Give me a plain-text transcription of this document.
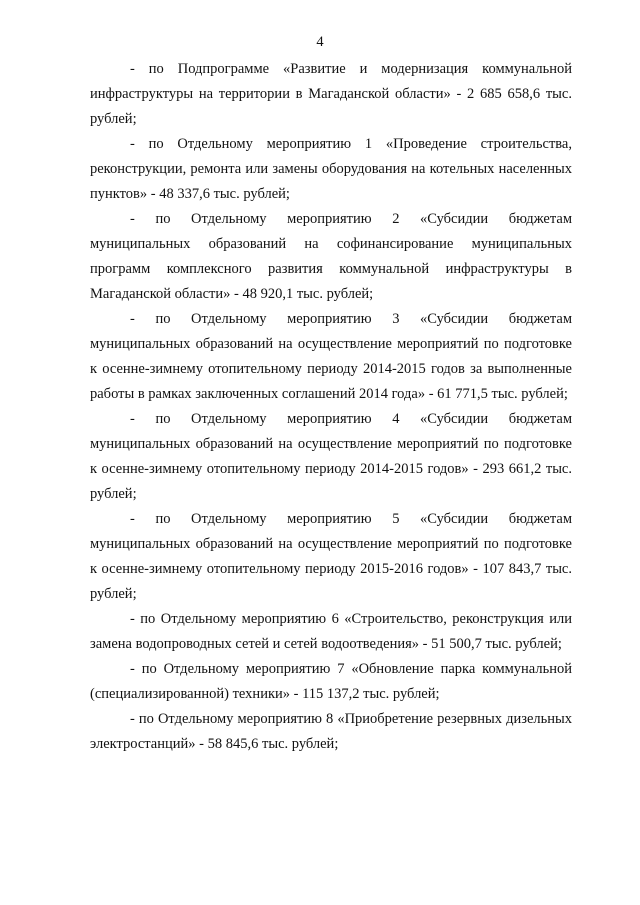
4

- по Подпрограмме «Развитие и модернизация коммунальной инфраструктуры на территории в Магаданской области» - 2 685 658,6 тыс. рублей;

- по Отдельному мероприятию 1 «Проведение строительства, реконструкции, ремонта или замены оборудования на котельных населенных пунктов» - 48 337,6 тыс. рублей;

- по Отдельному мероприятию 2 «Субсидии бюджетам муниципальных образований на софинансирование муниципальных программ комплексного развития коммунальной инфраструктуры в Магаданской области» - 48 920,1 тыс. рублей;

- по Отдельному мероприятию 3 «Субсидии бюджетам муниципальных образований на осуществление мероприятий по подготовке к осенне-зимнему отопительному периоду 2014-2015 годов за выполненные работы в рамках заключенных соглашений 2014 года» - 61 771,5 тыс. рублей;

- по Отдельному мероприятию 4 «Субсидии бюджетам муниципальных образований на осуществление мероприятий по подготовке к осенне-зимнему отопительному периоду 2014-2015 годов» - 293 661,2 тыс. рублей;

- по Отдельному мероприятию 5 «Субсидии бюджетам муниципальных образований на осуществление мероприятий по подготовке к осенне-зимнему отопительному периоду 2015-2016 годов» - 107 843,7 тыс. рублей;

- по Отдельному мероприятию 6 «Строительство, реконструкция или замена водопроводных сетей и сетей водоотведения» - 51 500,7 тыс. рублей;

- по Отдельному мероприятию 7 «Обновление парка коммунальной (специализированной) техники» - 115 137,2 тыс. рублей;

- по Отдельному мероприятию 8 «Приобретение резервных дизельных электростанций» - 58 845,6 тыс. рублей;
